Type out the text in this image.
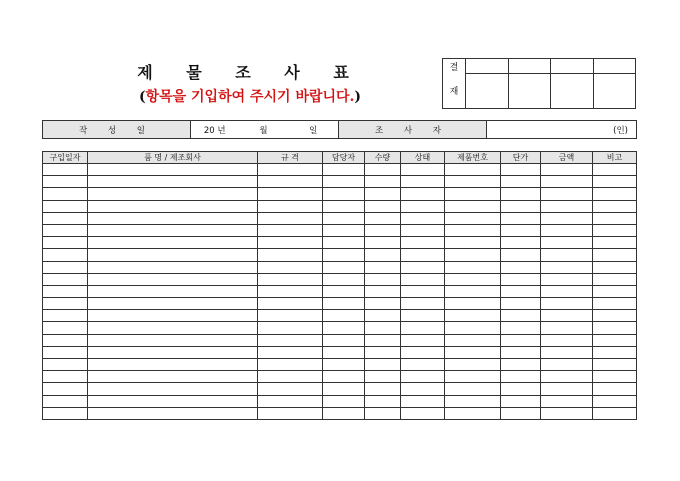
제 물 조 사 표
(항목을 기입하여 주시기 바랍니다.)
결				
재				
작 성 일	20 년	월	일	조 사 자	(인)
구입일자	품 명 / 제조회사	규 격	담당자	수량	상태	제품번호	단가	금액	비고
